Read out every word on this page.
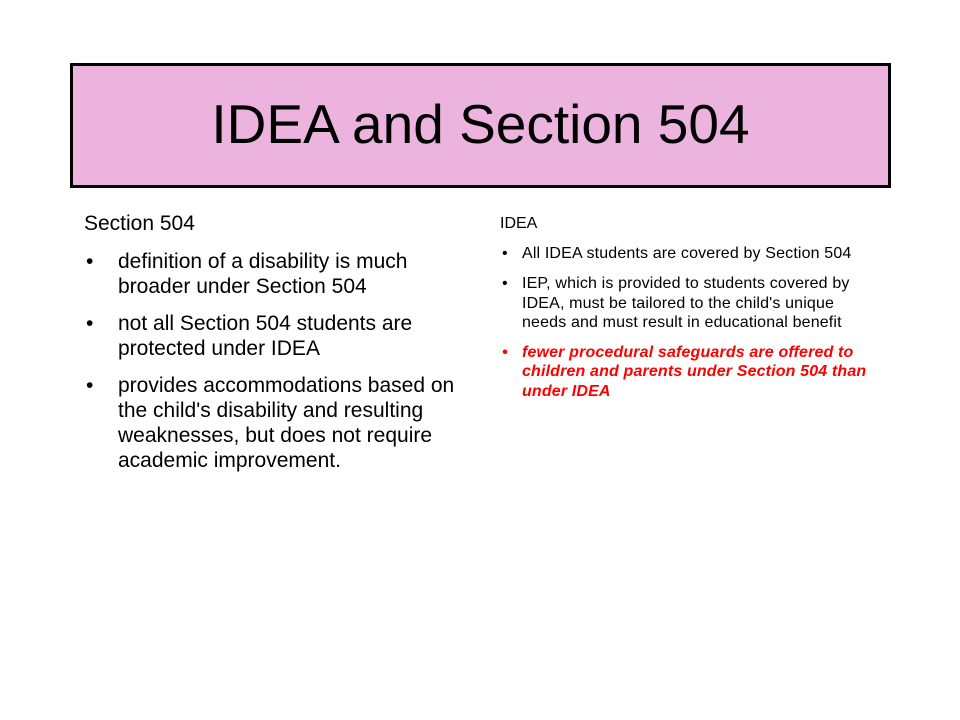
IDEA and Section 504
Section 504
• definition of a disability is much broader under Section 504
• not all Section 504 students are protected under IDEA
• provides accommodations based on the child's disability and resulting weaknesses, but does not require academic improvement.
IDEA
• All IDEA students are covered by Section 504
• IEP, which is provided to students covered by IDEA, must be tailored to the child's unique needs and must result in educational benefit
• fewer procedural safeguards are offered to children and parents under Section 504 than under IDEA
